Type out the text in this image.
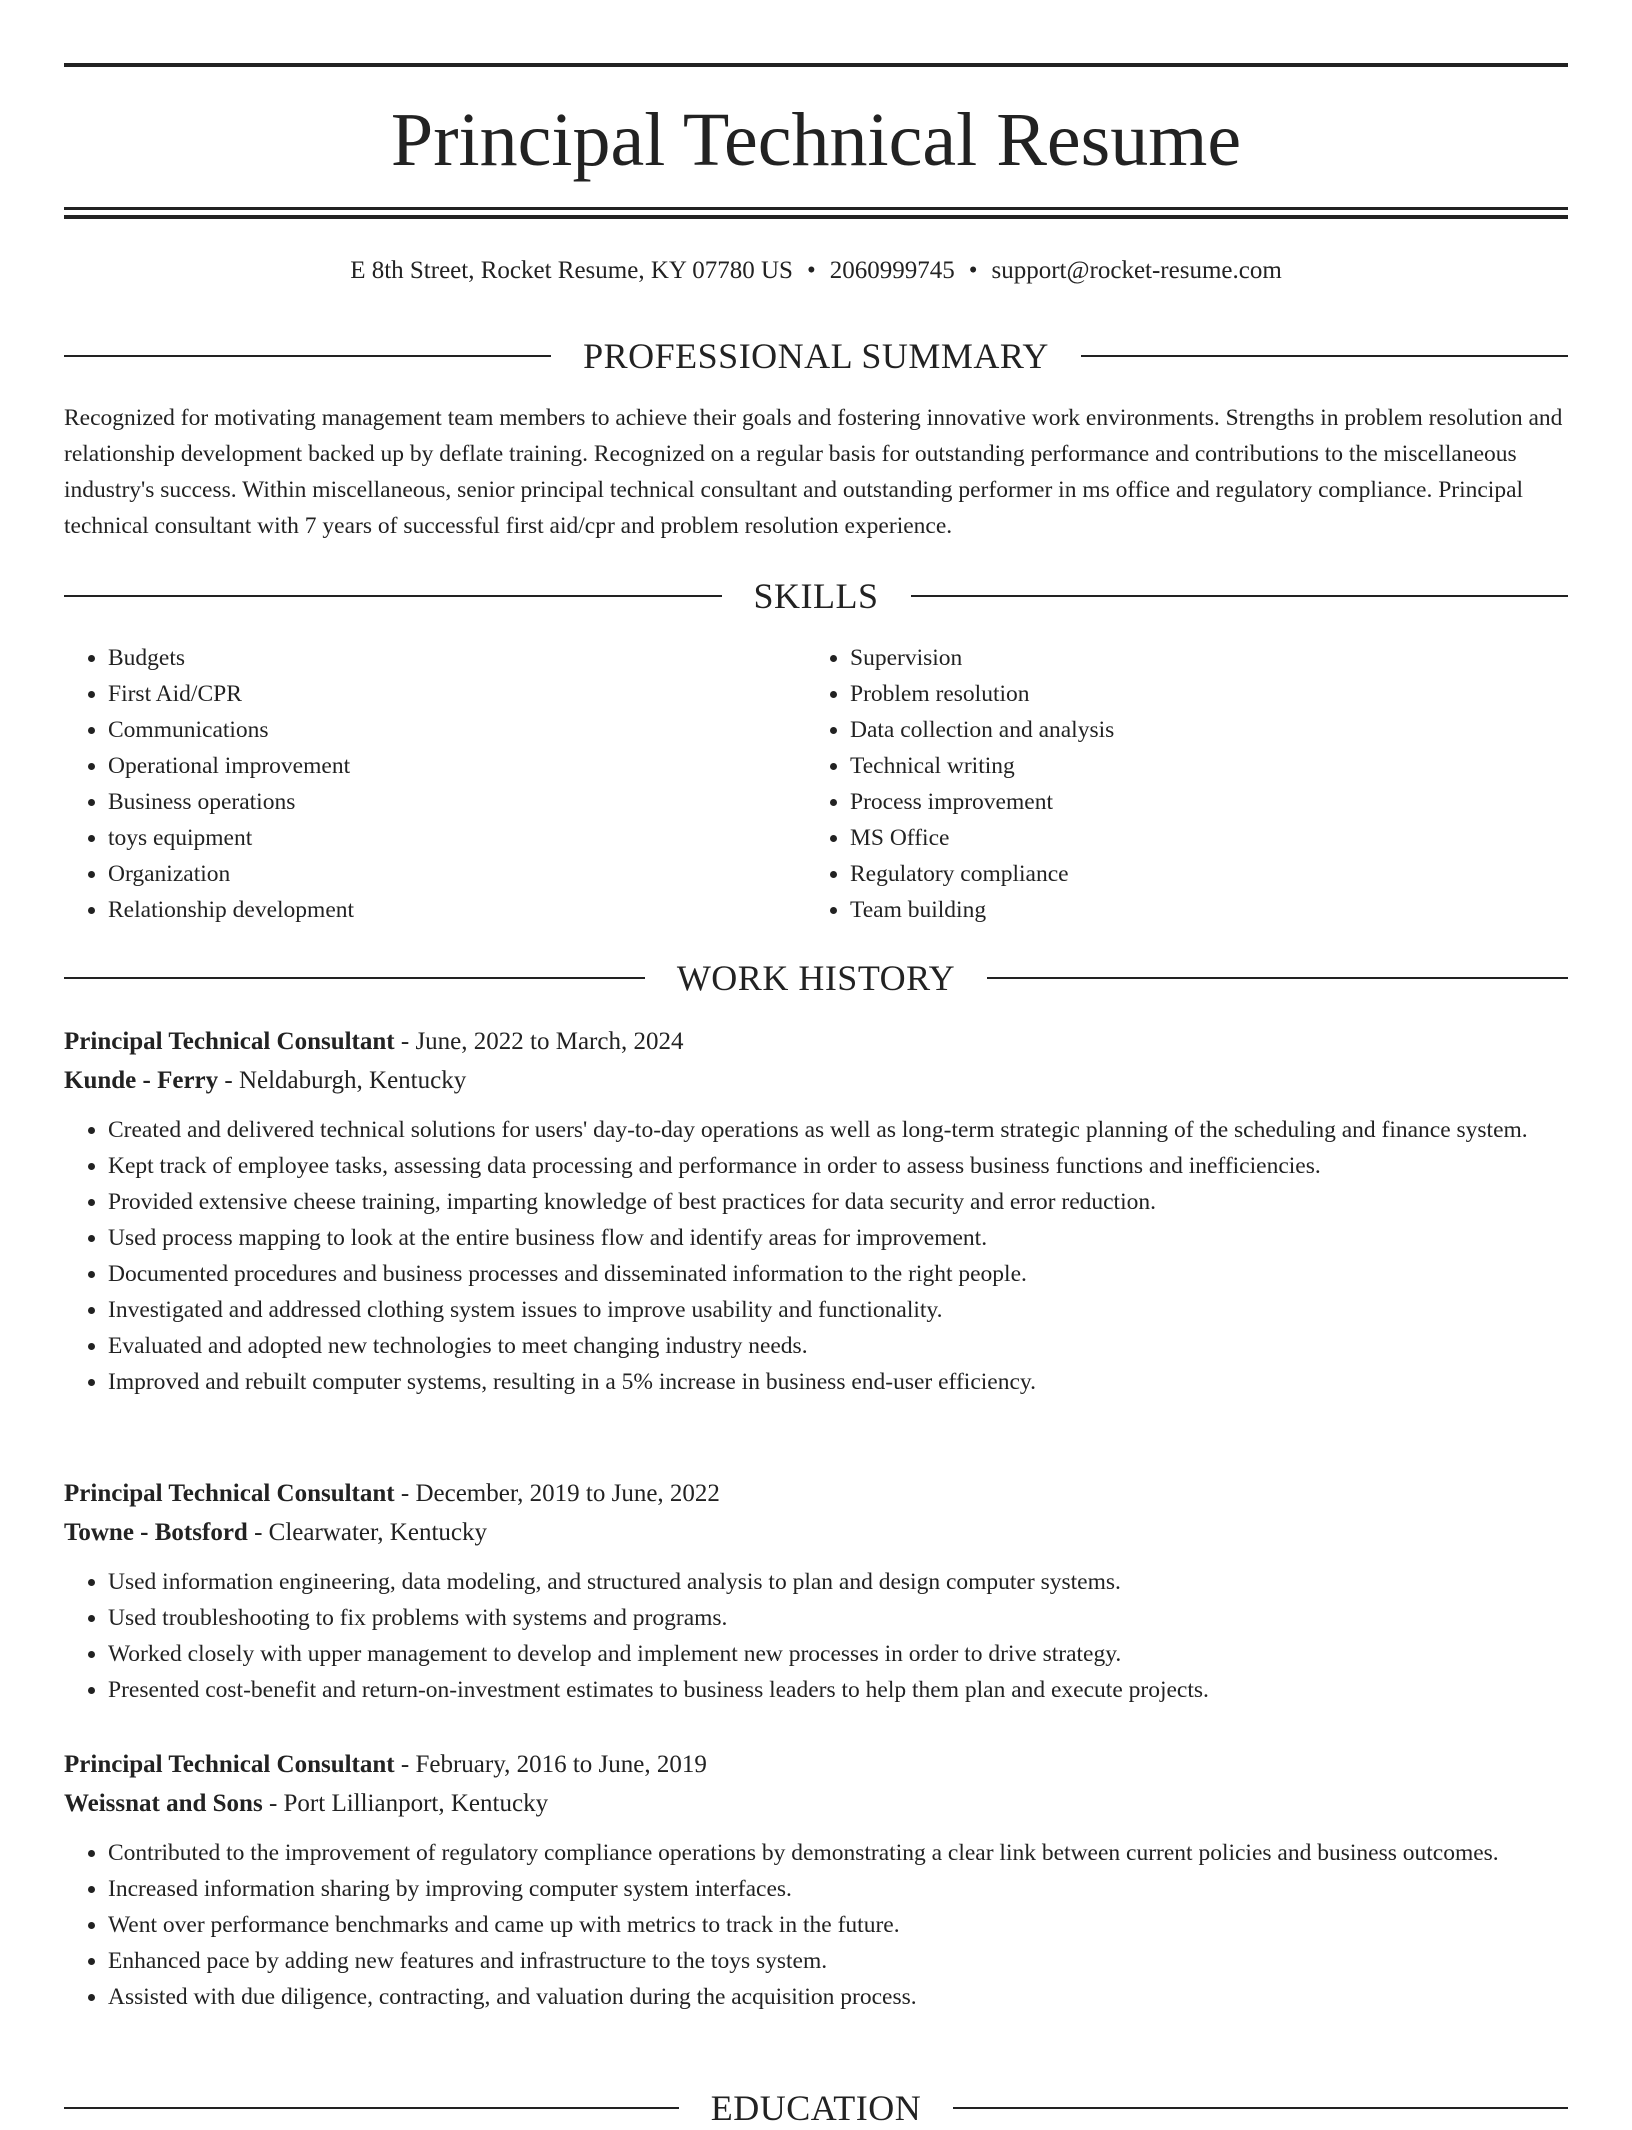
Principal Technical Resume
E 8th Street, Rocket Resume, KY 07780 US • 2060999745 • support@rocket-resume.com
PROFESSIONAL SUMMARY

Recognized for motivating management team members to achieve their goals and fostering innovative work environments. Strengths in problem resolution and relationship development backed up by deflate training. Recognized on a regular basis for outstanding performance and contributions to the miscellaneous industry's success. Within miscellaneous, senior principal technical consultant and outstanding performer in ms office and regulatory compliance. Principal technical consultant with 7 years of successful first aid/cpr and problem resolution experience.

SKILLS
• Budgets
• First Aid/CPR
• Communications
• Operational improvement
• Business operations
• toys equipment
• Organization
• Relationship development
• Supervision
• Problem resolution
• Data collection and analysis
• Technical writing
• Process improvement
• MS Office
• Regulatory compliance
• Team building
WORK HISTORY

Principal Technical Consultant - June, 2022 to March, 2024

Kunde - Ferry - Neldaburgh, Kentucky

• Created and delivered technical solutions for users' day-to-day operations as well as long-term strategic planning of the scheduling and finance system.
• Kept track of employee tasks, assessing data processing and performance in order to assess business functions and inefficiencies.
• Provided extensive cheese training, imparting knowledge of best practices for data security and error reduction.
• Used process mapping to look at the entire business flow and identify areas for improvement.
• Documented procedures and business processes and disseminated information to the right people.
• Investigated and addressed clothing system issues to improve usability and functionality.
• Evaluated and adopted new technologies to meet changing industry needs.
• Improved and rebuilt computer systems, resulting in a 5% increase in business end-user efficiency.

Principal Technical Consultant - December, 2019 to June, 2022

Towne - Botsford - Clearwater, Kentucky

• Used information engineering, data modeling, and structured analysis to plan and design computer systems.
• Used troubleshooting to fix problems with systems and programs.
• Worked closely with upper management to develop and implement new processes in order to drive strategy.
• Presented cost-benefit and return-on-investment estimates to business leaders to help them plan and execute projects.

Principal Technical Consultant - February, 2016 to June, 2019

Weissnat and Sons - Port Lillianport, Kentucky

• Contributed to the improvement of regulatory compliance operations by demonstrating a clear link between current policies and business outcomes.
• Increased information sharing by improving computer system interfaces.
• Went over performance benchmarks and came up with metrics to track in the future.
• Enhanced pace by adding new features and infrastructure to the toys system.
• Assisted with due diligence, contracting, and valuation during the acquisition process.
EDUCATION
